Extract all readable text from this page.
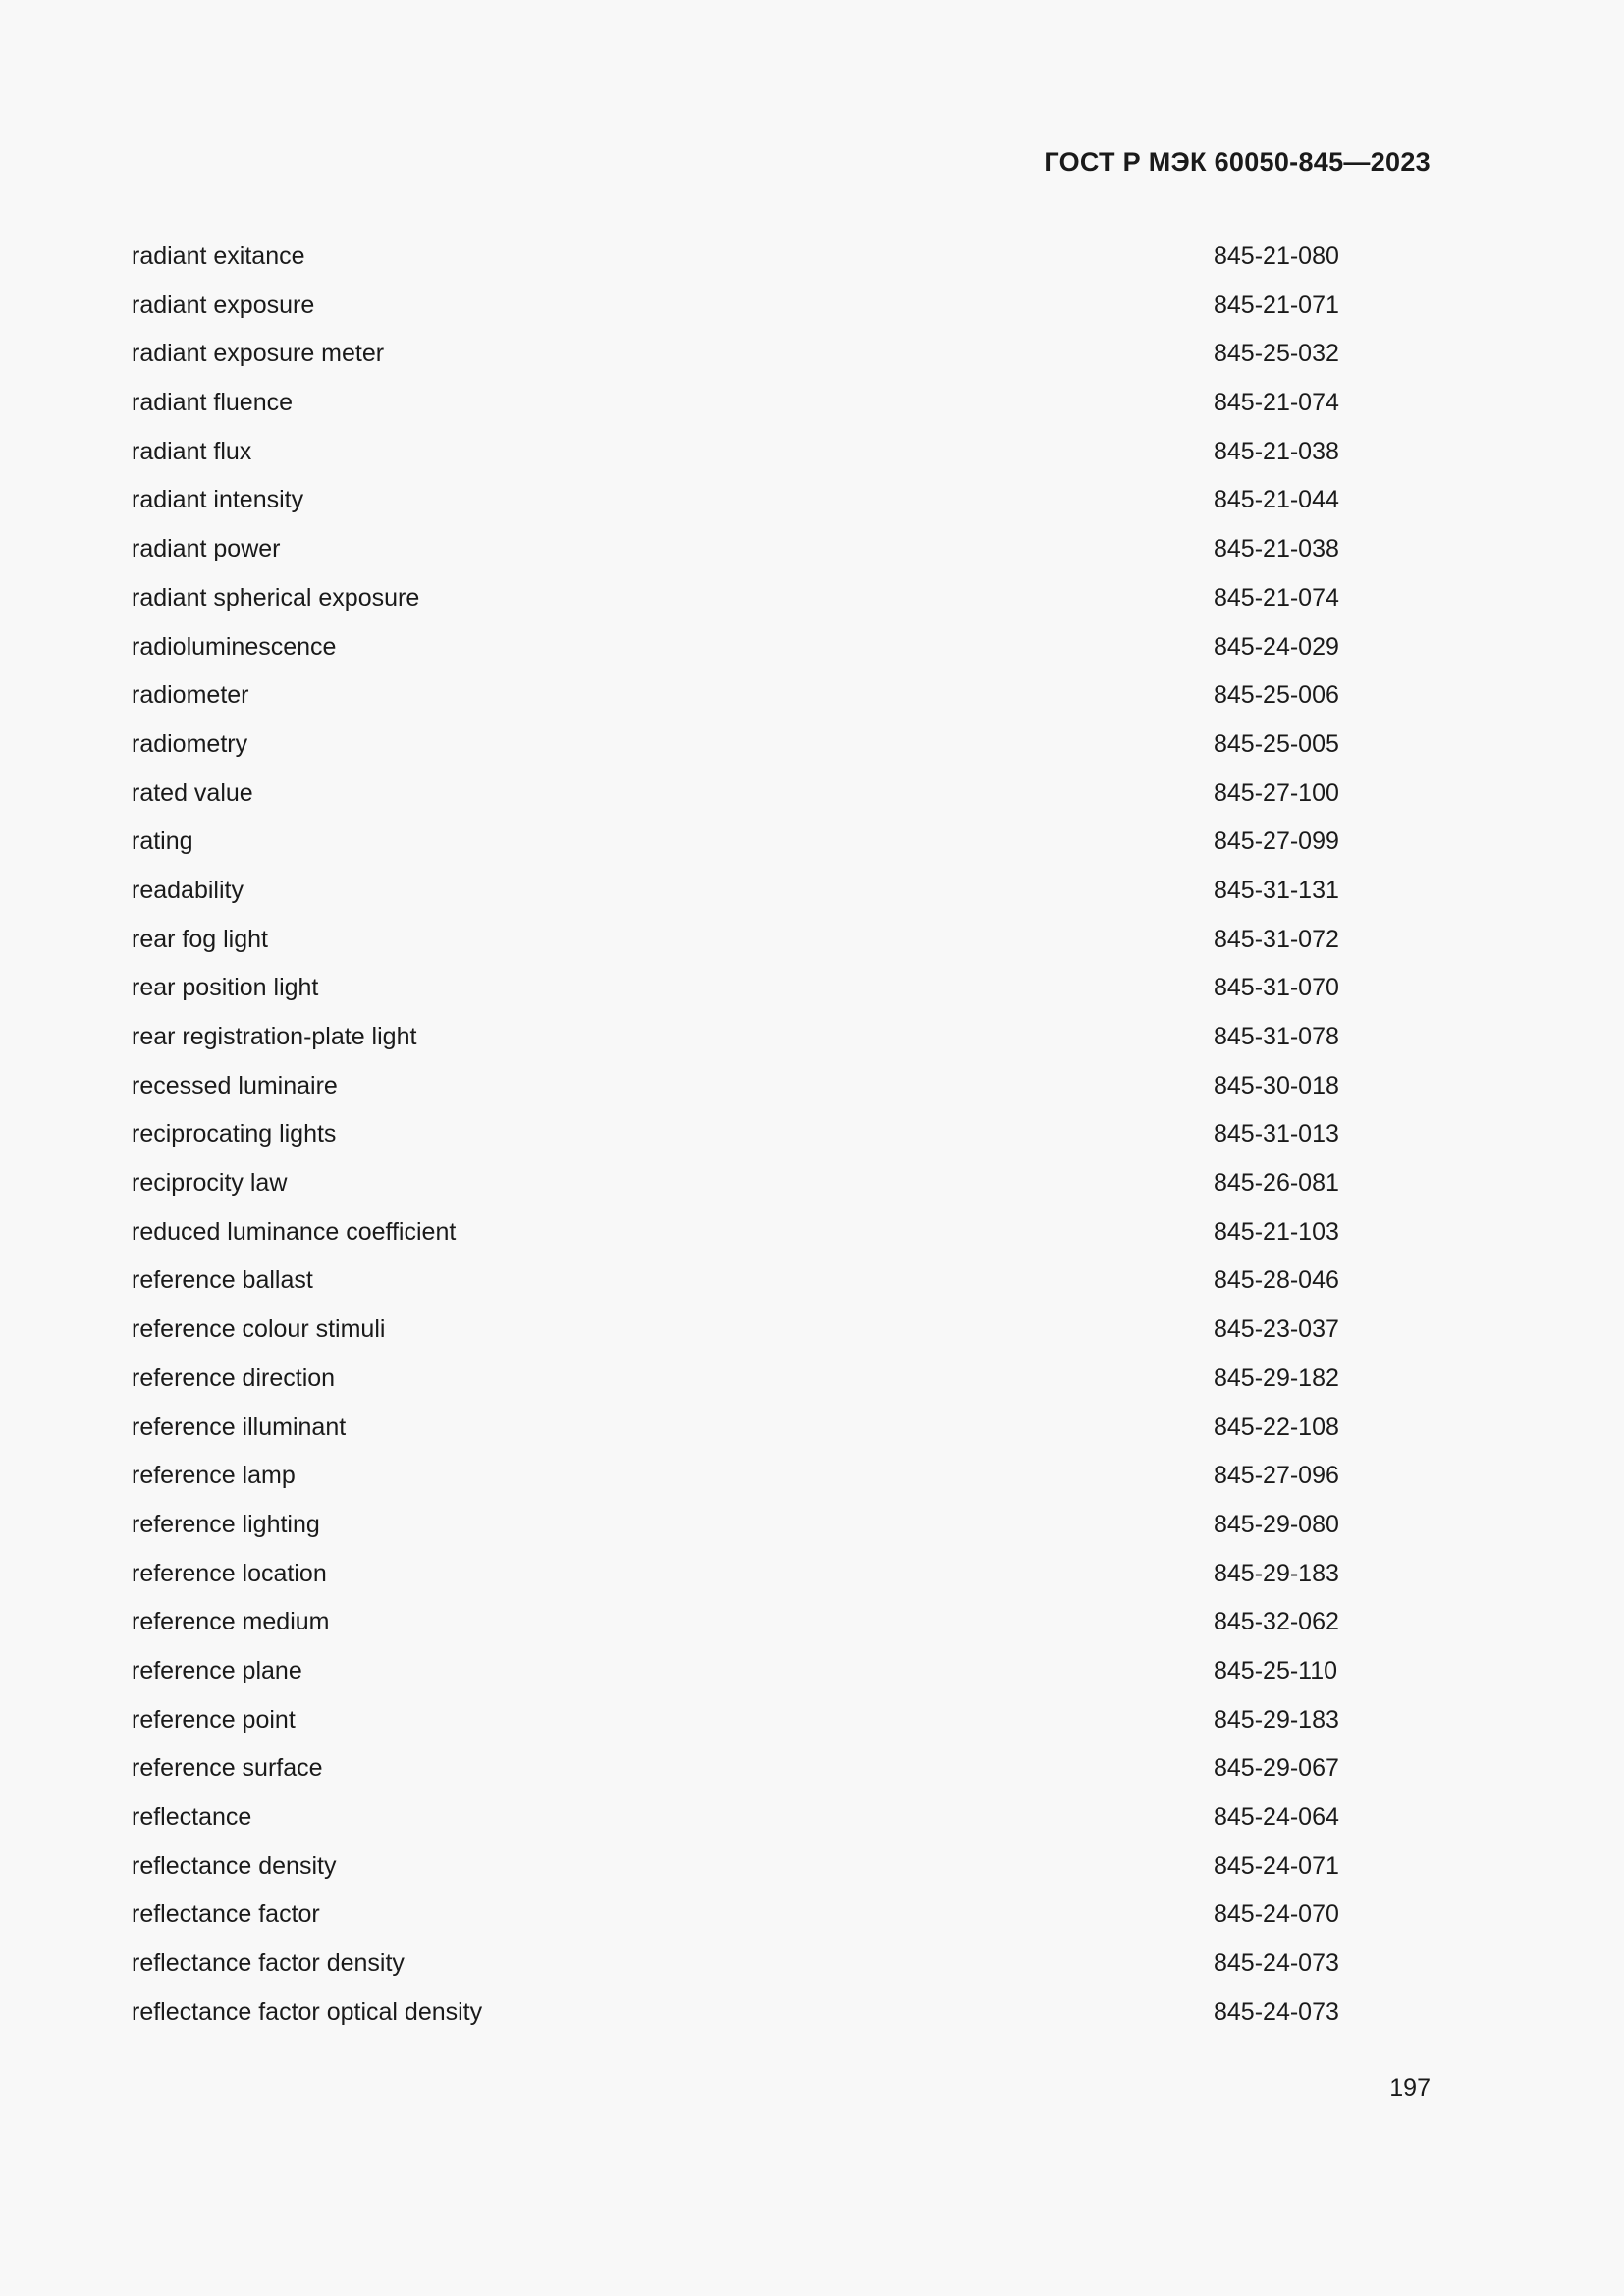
ГОСТ Р МЭК 60050-845—2023
radiant exitance	845-21-080
radiant exposure	845-21-071
radiant exposure meter	845-25-032
radiant fluence	845-21-074
radiant flux	845-21-038
radiant intensity	845-21-044
radiant power	845-21-038
radiant spherical exposure	845-21-074
radioluminescence	845-24-029
radiometer	845-25-006
radiometry	845-25-005
rated value	845-27-100
rating	845-27-099
readability	845-31-131
rear fog light	845-31-072
rear position light	845-31-070
rear registration-plate light	845-31-078
recessed luminaire	845-30-018
reciprocating lights	845-31-013
reciprocity law	845-26-081
reduced luminance coefficient	845-21-103
reference ballast	845-28-046
reference colour stimuli	845-23-037
reference direction	845-29-182
reference illuminant	845-22-108
reference lamp	845-27-096
reference lighting	845-29-080
reference location	845-29-183
reference medium	845-32-062
reference plane	845-25-110
reference point	845-29-183
reference surface	845-29-067
reflectance	845-24-064
reflectance density	845-24-071
reflectance factor	845-24-070
reflectance factor density	845-24-073
reflectance factor optical density	845-24-073
197
